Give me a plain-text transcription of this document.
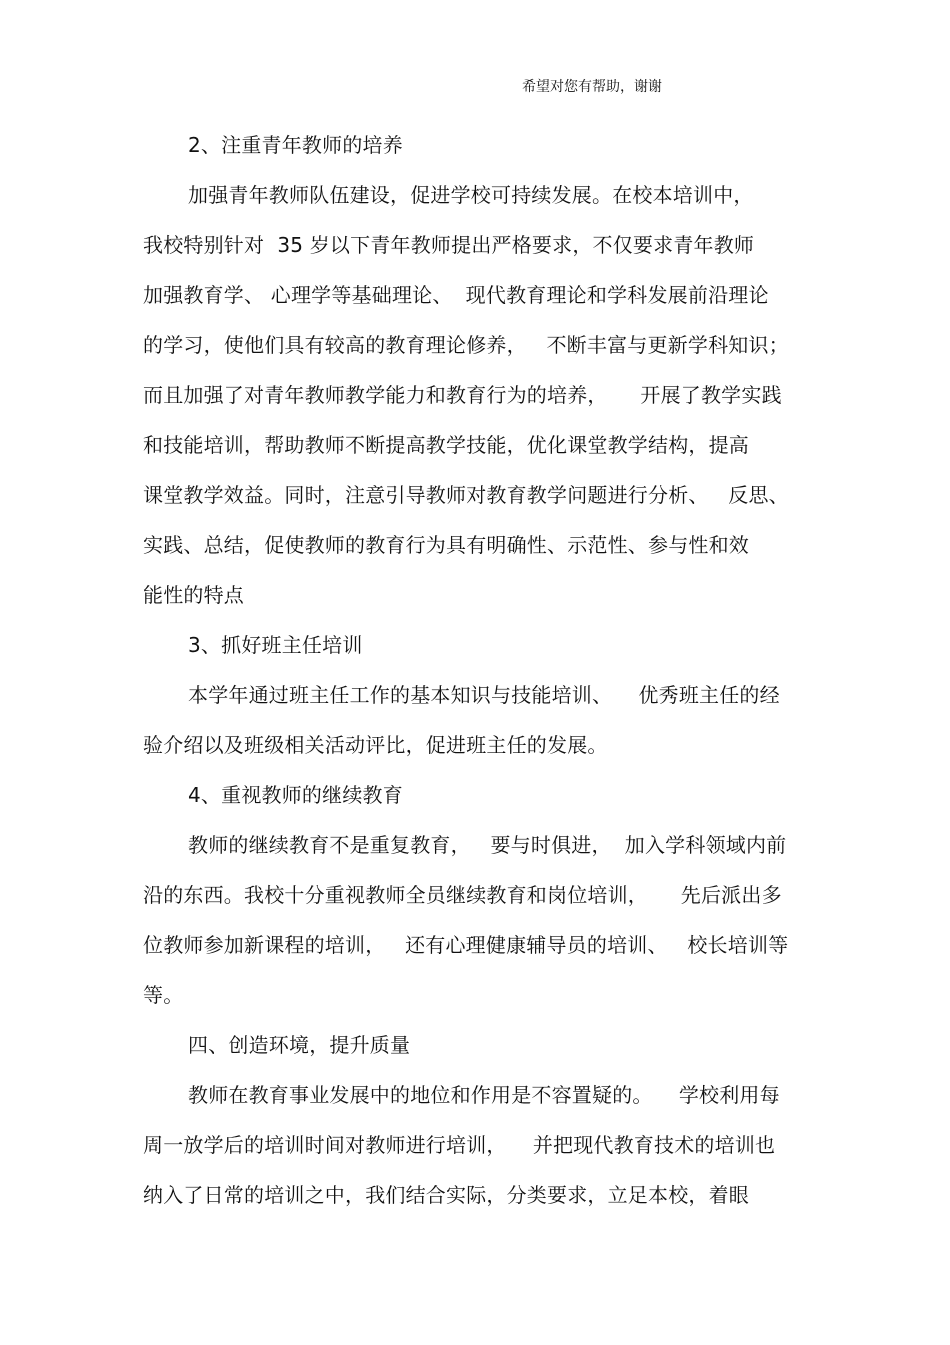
希望对您有帮助，谢谢
2、注重青年教师的培养
加强青年教师队伍建设，促进学校可持续发展。在校本培训中，
我校特别针对  35 岁以下青年教师提出严格要求，不仅要求青年教师
加强教育学、 心理学等基础理论、  现代教育理论和学科发展前沿理论
的学习，使他们具有较高的教育理论修养，   不断丰富与更新学科知识；
而且加强了对青年教师教学能力和教育行为的培养，     开展了教学实践
和技能培训，帮助教师不断提高教学技能，优化课堂教学结构，提高
课堂教学效益。同时，注意引导教师对教育教学问题进行分析、   反思、
实践、总结，促使教师的教育行为具有明确性、示范性、参与性和效
能性的特点
3、抓好班主任培训
本学年通过班主任工作的基本知识与技能培训、    优秀班主任的经
验介绍以及班级相关活动评比，促进班主任的发展。
4、重视教师的继续教育
教师的继续教育不是重复教育，   要与时俱进，  加入学科领域内前
沿的东西。我校十分重视教师全员继续教育和岗位培训，     先后派出多
位教师参加新课程的培训，   还有心理健康辅导员的培训、   校长培训等
等。
四、创造环境，提升质量
教师在教育事业发展中的地位和作用是不容置疑的。    学校利用每
周一放学后的培训时间对教师进行培训，    并把现代教育技术的培训也
纳入了日常的培训之中，我们结合实际，分类要求，立足本校，着眼
